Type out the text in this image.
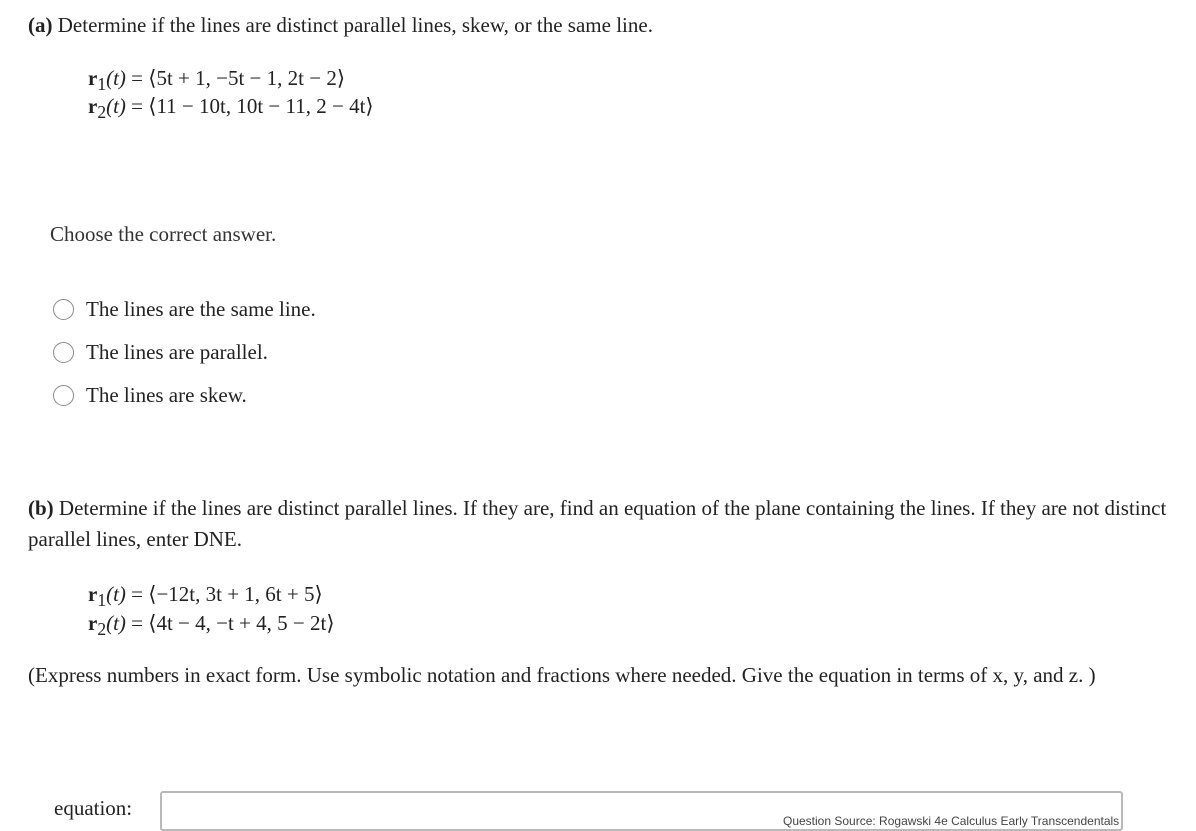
(a) Determine if the lines are distinct parallel lines, skew, or the same line.
$r_1(t)$ = ⟨5t + 1, −5t − 1, 2t − 2⟩
$r_2(t)$ = ⟨11 − 10t, 10t − 11, 2 − 4t⟩
Choose the correct answer.
The lines are the same line.
The lines are parallel.
The lines are skew.
(b) Determine if the lines are distinct parallel lines. If they are, find an equation of the plane containing the lines. If they are not distinct parallel lines, enter DNE.
$r_1(t)$ = ⟨−12t, 3t + 1, 6t + 5⟩
$r_2(t)$ = ⟨4t − 4, −t + 4, 5 − 2t⟩
(Express numbers in exact form. Use symbolic notation and fractions where needed. Give the equation in terms of x, y, and z. )
equation:
Question Source: Rogawski 4e Calculus Early Transcendentals
